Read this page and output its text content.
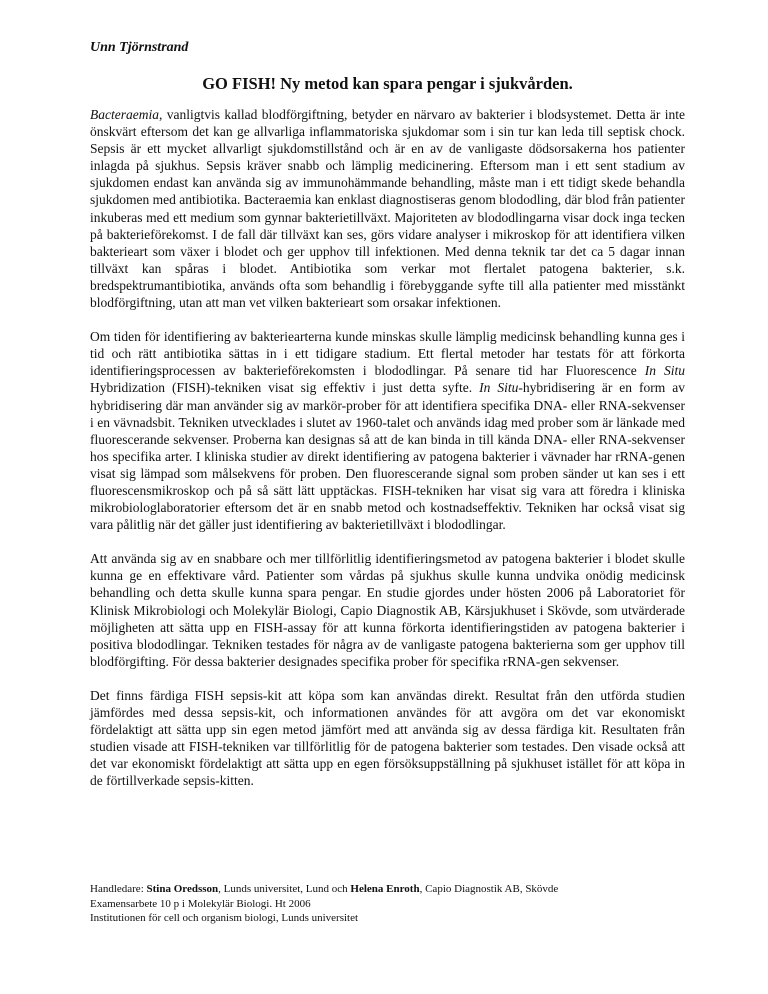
Unn Tjörnstrand

GO FISH! Ny metod kan spara pengar i sjukvården.

Bacteraemia, vanligtvis kallad blodförgiftning, betyder en närvaro av bakterier i blodsystemet. Detta är inte önskvärt eftersom det kan ge allvarliga inflammatoriska sjukdomar som i sin tur kan leda till septisk chock. Sepsis är ett mycket allvarligt sjukdomstillstånd och är en av de vanligaste dödsorsakerna hos patienter inlagda på sjukhus. Sepsis kräver snabb och lämplig medicinering. Eftersom man i ett sent stadium av sjukdomen endast kan använda sig av immunohämmande behandling, måste man i ett tidigt skede behandla sjukdomen med antibiotika. Bacteraemia kan enklast diagnostiseras genom blododling, där blod från patienter inkuberas med ett medium som gynnar bakterietillväxt. Majoriteten av blododlingarna visar dock inga tecken på bakterieförekomst. I de fall där tillväxt kan ses, görs vidare analyser i mikroskop för att identifiera vilken bakterieart som växer i blodet och ger upphov till infektionen. Med denna teknik tar det ca 5 dagar innan tillväxt kan spåras i blodet. Antibiotika som verkar mot flertalet patogena bakterier, s.k. bredspektrumantibiotika, används ofta som behandlig i förebyggande syfte till alla patienter med misstänkt blodförgiftning, utan att man vet vilken bakterieart som orsakar infektionen.

Om tiden för identifiering av bakteriearterna kunde minskas skulle lämplig medicinsk behandling kunna ges i tid och rätt antibiotika sättas in i ett tidigare stadium. Ett flertal metoder har testats för att förkorta identifieringsprocessen av bakterieförekomsten i blododlingar. På senare tid har Fluorescence In Situ Hybridization (FISH)-tekniken visat sig effektiv i just detta syfte. In Situ-hybridisering är en form av hybridisering där man använder sig av markör-prober för att identifiera specifika DNA- eller RNA-sekvenser i en vävnadsbit. Tekniken utvecklades i slutet av 1960-talet och används idag med prober som är länkade med fluorescerande sekvenser. Proberna kan designas så att de kan binda in till kända DNA- eller RNA-sekvenser hos specifika arter. I kliniska studier av direkt identifiering av patogena bakterier i vävnader har rRNA-genen visat sig lämpad som målsekvens för proben. Den fluorescerande signal som proben sänder ut kan ses i ett fluorescensmikroskop och på så sätt lätt upptäckas. FISH-tekniken har visat sig vara att föredra i kliniska mikrobiologlaboratorier eftersom det är en snabb metod och kostnadseffektiv. Tekniken har också visat sig vara pålitlig när det gäller just identifiering av bakterietillväxt i blododlingar.

Att använda sig av en snabbare och mer tillförlitlig identifieringsmetod av patogena bakterier i blodet skulle kunna ge en effektivare vård. Patienter som vårdas på sjukhus skulle kunna undvika onödig medicinsk behandling och detta skulle kunna spara pengar. En studie gjordes under hösten 2006 på Laboratoriet för Klinisk Mikrobiologi och Molekylär Biologi, Capio Diagnostik AB, Kärsjukhuset i Skövde, som utvärderade möjligheten att sätta upp en FISH-assay för att kunna förkorta identifieringstiden av patogena bakterier i positiva blododlingar. Tekniken testades för några av de vanligaste patogena bakterierna som ger upphov till blodförgifting. För dessa bakterier designades specifika prober för specifika rRNA-gen sekvenser.

Det finns färdiga FISH sepsis-kit att köpa som kan användas direkt. Resultat från den utförda studien jämfördes med dessa sepsis-kit, och informationen användes för att avgöra om det var ekonomiskt fördelaktigt att sätta upp sin egen metod jämfört med att använda sig av dessa färdiga kit. Resultaten från studien visade att FISH-tekniken var tillförlitlig för de patogena bakterier som testades. Den visade också att det var ekonomiskt fördelaktigt att sätta upp en egen försöksuppställning på sjukhuset istället för att köpa in de förtillverkade sepsis-kitten.

Handledare: Stina Oredsson, Lunds universitet, Lund och Helena Enroth, Capio Diagnostik AB, Skövde
Examensarbete 10 p i Molekylär Biologi. Ht 2006
Institutionen för cell och organism biologi, Lunds universitet
